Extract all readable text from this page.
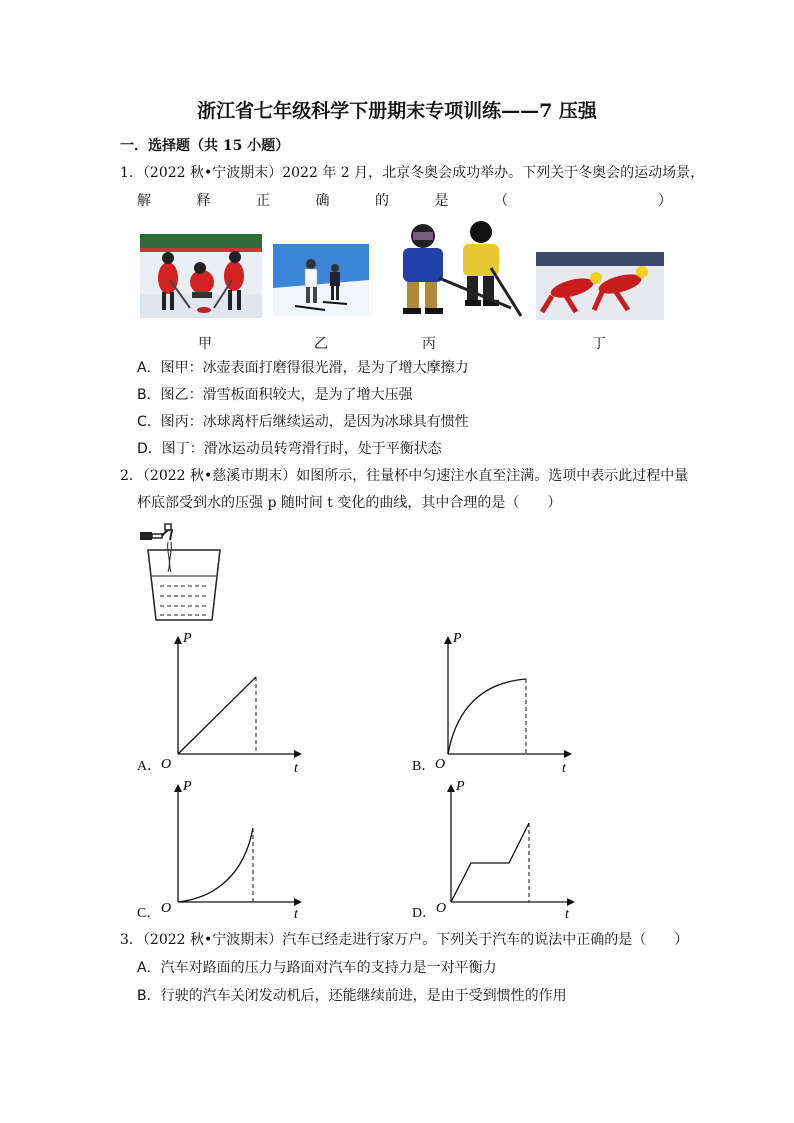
浙江省七年级科学下册期末专项训练——7 压强
一．选择题（共 15 小题）
1．（2022 秋•宁波期末）2022 年 2 月，北京冬奥会成功举办。下列关于冬奥会的运动场景，
解	释	正	确	的	是	（	）
甲	乙	丙	丁
A．图甲：冰壶表面打磨得很光滑，是为了增大摩擦力
B．图乙：滑雪板面积较大，是为了增大压强
C．图丙：冰球离杆后继续运动，是因为冰球具有惯性
D．图丁：滑冰运动员转弯滑行时，处于平衡状态
2．（2022 秋•慈溪市期末）如图所示，往量杯中匀速注水直至注满。选项中表示此过程中量
杯底部受到水的压强 p 随时间 t 变化的曲线，其中合理的是（　　）
A．
P
O	t	B．
P
O	t
C．
P
O	t	D．
P
O	t
3．（2022 秋•宁波期末）汽车已经走进行家万户。下列关于汽车的说法中正确的是（　　）
A．汽车对路面的压力与路面对汽车的支持力是一对平衡力
B．行驶的汽车关闭发动机后，还能继续前进，是由于受到惯性的作用
